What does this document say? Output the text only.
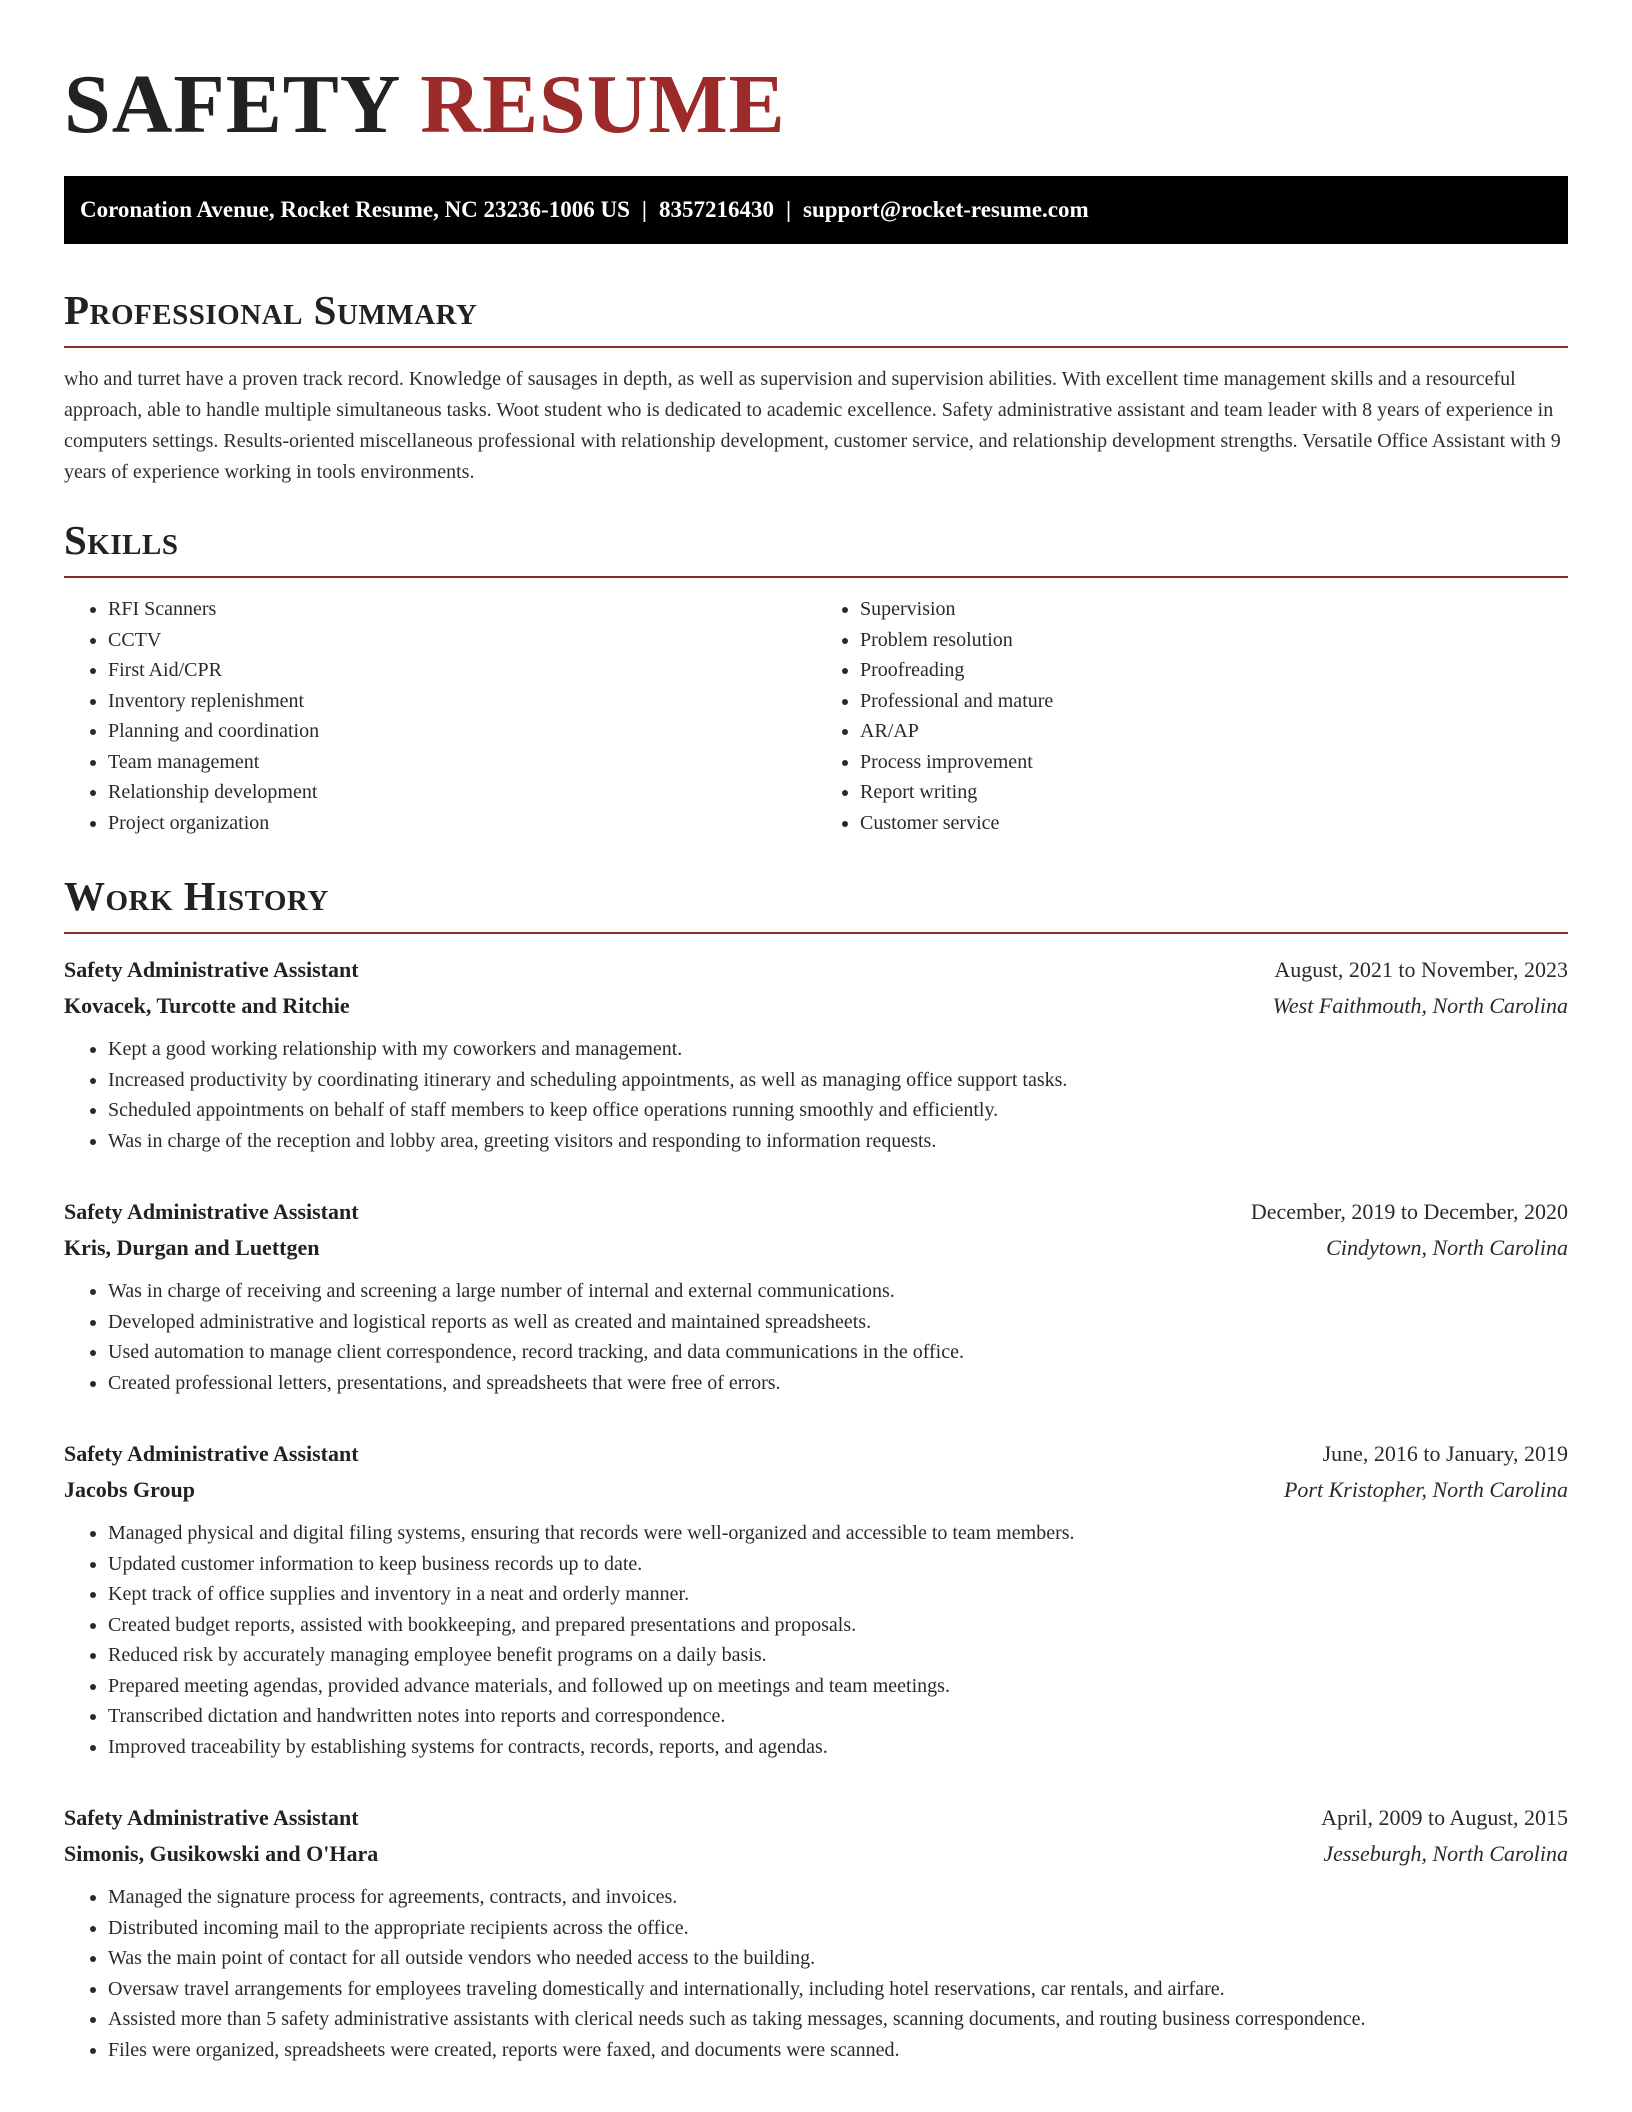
SAFETY RESUME
Coronation Avenue, Rocket Resume, NC 23236-1006 US | 8357216430 | support@rocket-resume.com
Professional Summary

who and turret have a proven track record. Knowledge of sausages in depth, as well as supervision and supervision abilities. With excellent time management skills and a resourceful approach, able to handle multiple simultaneous tasks. Woot student who is dedicated to academic excellence. Safety administrative assistant and team leader with 8 years of experience in computers settings. Results-oriented miscellaneous professional with relationship development, customer service, and relationship development strengths. Versatile Office Assistant with 9 years of experience working in tools environments.

Skills
• RFI Scanners
• CCTV
• First Aid/CPR
• Inventory replenishment
• Planning and coordination
• Team management
• Relationship development
• Project organization
• Supervision
• Problem resolution
• Proofreading
• Professional and mature
• AR/AP
• Process improvement
• Report writing
• Customer service
Work History
Safety Administrative Assistant	August, 2021 to November, 2023
Kovacek, Turcotte and Ritchie	West Faithmouth, North Carolina
• Kept a good working relationship with my coworkers and management.
• Increased productivity by coordinating itinerary and scheduling appointments, as well as managing office support tasks.
• Scheduled appointments on behalf of staff members to keep office operations running smoothly and efficiently.
• Was in charge of the reception and lobby area, greeting visitors and responding to information requests.
Safety Administrative Assistant	December, 2019 to December, 2020
Kris, Durgan and Luettgen	Cindytown, North Carolina
• Was in charge of receiving and screening a large number of internal and external communications.
• Developed administrative and logistical reports as well as created and maintained spreadsheets.
• Used automation to manage client correspondence, record tracking, and data communications in the office.
• Created professional letters, presentations, and spreadsheets that were free of errors.
Safety Administrative Assistant	June, 2016 to January, 2019
Jacobs Group	Port Kristopher, North Carolina
• Managed physical and digital filing systems, ensuring that records were well-organized and accessible to team members.
• Updated customer information to keep business records up to date.
• Kept track of office supplies and inventory in a neat and orderly manner.
• Created budget reports, assisted with bookkeeping, and prepared presentations and proposals.
• Reduced risk by accurately managing employee benefit programs on a daily basis.
• Prepared meeting agendas, provided advance materials, and followed up on meetings and team meetings.
• Transcribed dictation and handwritten notes into reports and correspondence.
• Improved traceability by establishing systems for contracts, records, reports, and agendas.
Safety Administrative Assistant	April, 2009 to August, 2015
Simonis, Gusikowski and O'Hara	Jesseburgh, North Carolina
• Managed the signature process for agreements, contracts, and invoices.
• Distributed incoming mail to the appropriate recipients across the office.
• Was the main point of contact for all outside vendors who needed access to the building.
• Oversaw travel arrangements for employees traveling domestically and internationally, including hotel reservations, car rentals, and airfare.
• Assisted more than 5 safety administrative assistants with clerical needs such as taking messages, scanning documents, and routing business correspondence.
• Files were organized, spreadsheets were created, reports were faxed, and documents were scanned.
